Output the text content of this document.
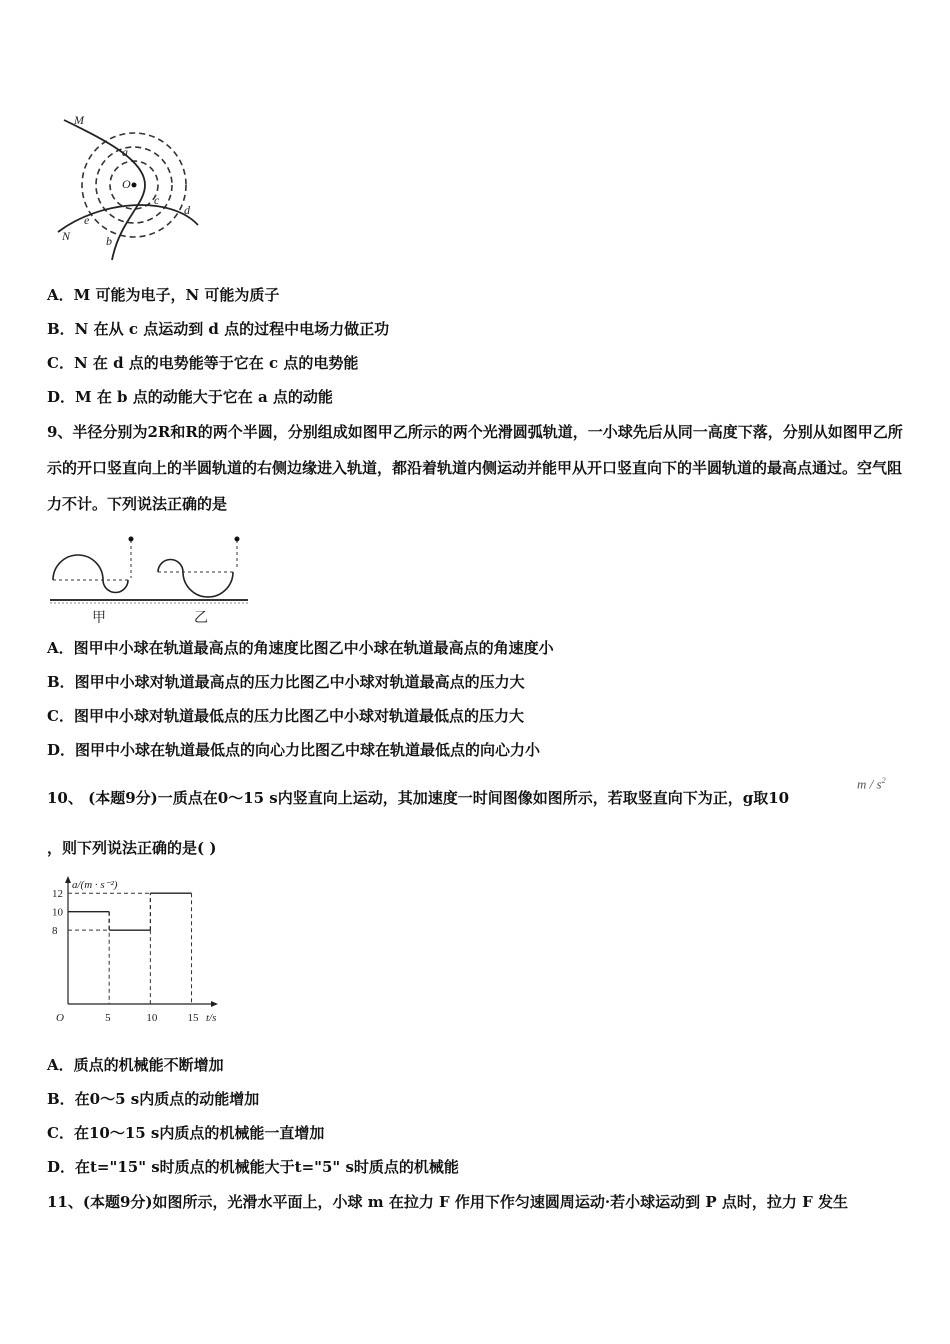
M
N
a
b
c
d
e
O
A．M 可能为电子，N 可能为质子
B．N 在从 c 点运动到 d 点的过程中电场力做正功
C．N 在 d 点的电势能等于它在 c 点的电势能
D．M 在 b 点的动能大于它在 a 点的动能
9、半径分别为2R和R的两个半圆，分别组成如图甲乙所示的两个光滑圆弧轨道，一小球先后从同一高度下落，分别从如图甲乙所示的开口竖直向上的半圆轨道的右侧边缘进入轨道，都沿着轨道内侧运动并能甲从开口竖直向下的半圆轨道的最高点通过。空气阻力不计。下列说法正确的是
甲	乙
A．图甲中小球在轨道最高点的角速度比图乙中小球在轨道最高点的角速度小
B．图甲中小球对轨道最高点的压力比图乙中小球对轨道最高点的压力大
C．图甲中小球对轨道最低点的压力比图乙中小球对轨道最低点的压力大
D．图甲中小球在轨道最低点的向心力比图乙中球在轨道最低点的向心力小
10、 (本题9分)一质点在0～15 s内竖直向上运动，其加速度一时间图像如图所示，若取竖直向下为正，g取10
m / $s^2$
，则下列说法正确的是( )
a/(m · s⁻²)
t/s
O	5	10	15
12
10
8
A．质点的机械能不断增加
B．在0～5 s内质点的动能增加
C．在10～15 s内质点的机械能一直增加
D．在t="15" s时质点的机械能大于t="5" s时质点的机械能
11、(本题9分)如图所示，光滑水平面上，小球 m 在拉力 F 作用下作匀速圆周运动·若小球运动到 P 点时，拉力 F 发生
